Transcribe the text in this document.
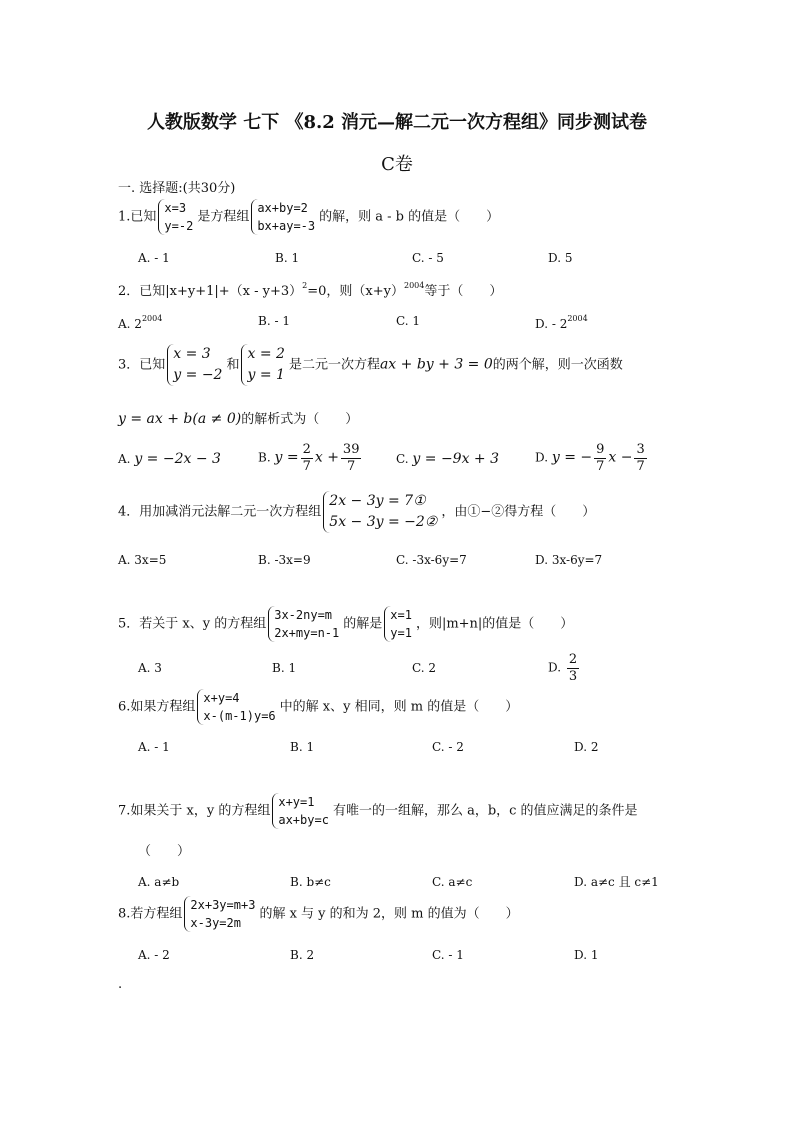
人教版数学 七下 《8.2 消元—解二元一次方程组》同步测试卷
C卷
一. 选择题:(共30分)
1.已知
x=3
y=-2
是方程组
ax+by=2
bx+ay=-3
的解，则 a - b 的值是（　　）
A. - 1	B. 1	C. - 5	D. 5
2．已知$|x+y+1|+(x - y+3)^2=0$，则$(x+y)^{2004}$等于（　　）
A. $2^{2004}$	B. - 1	C. 1	D. - $2^{2004}$
3．已知
x = 3
y = −2
和
x = 2
y = 1
是二元一次方程ax + by + 3 = 0的两个解，则一次函数
y = ax + b(a ≠ 0)的解析式为（　　）
A. y = −2x − 3	B. $y = \frac{2}{7}$ $x + \frac{39}{7}$	C. y = −9x + 3	D. y = − $\frac{9}{7}$ $x - \frac{3}{7}$
4．用加减消元法解二元一次方程组
2x − 3y = 7①
5x − 3y = −2②
，由①−②得方程（　　）
A. 3x=5	B. -3x=9	C. -3x-6y=7	D. 3x-6y=7
5．若关于 x、y 的方程组
3x-2ny=m
2x+my=n-1
的解是
x=1
y=1
，则|m+n|的值是（　　）
A. 3	B. 1	C. 2	D. $\frac{2}{3}$
6.如果方程组
x+y=4
x-(m-1)y=6
中的解 x、y 相同，则 m 的值是（　　）
A. - 1	B. 1	C. - 2	D. 2
7.如果关于 x，y 的方程组
x+y=1
ax+by=c
有唯一的一组解，那么 a，b，c 的值应满足的条件是
（　　）
A. a≠b	B. b≠c	C. a≠c	D. a≠c 且 c≠1
8.若方程组
2x+3y=m+3
x-3y=2m
的解 x 与 y 的和为 2，则 m 的值为（　　）
A. - 2	B. 2	C. - 1	D. 1
.
